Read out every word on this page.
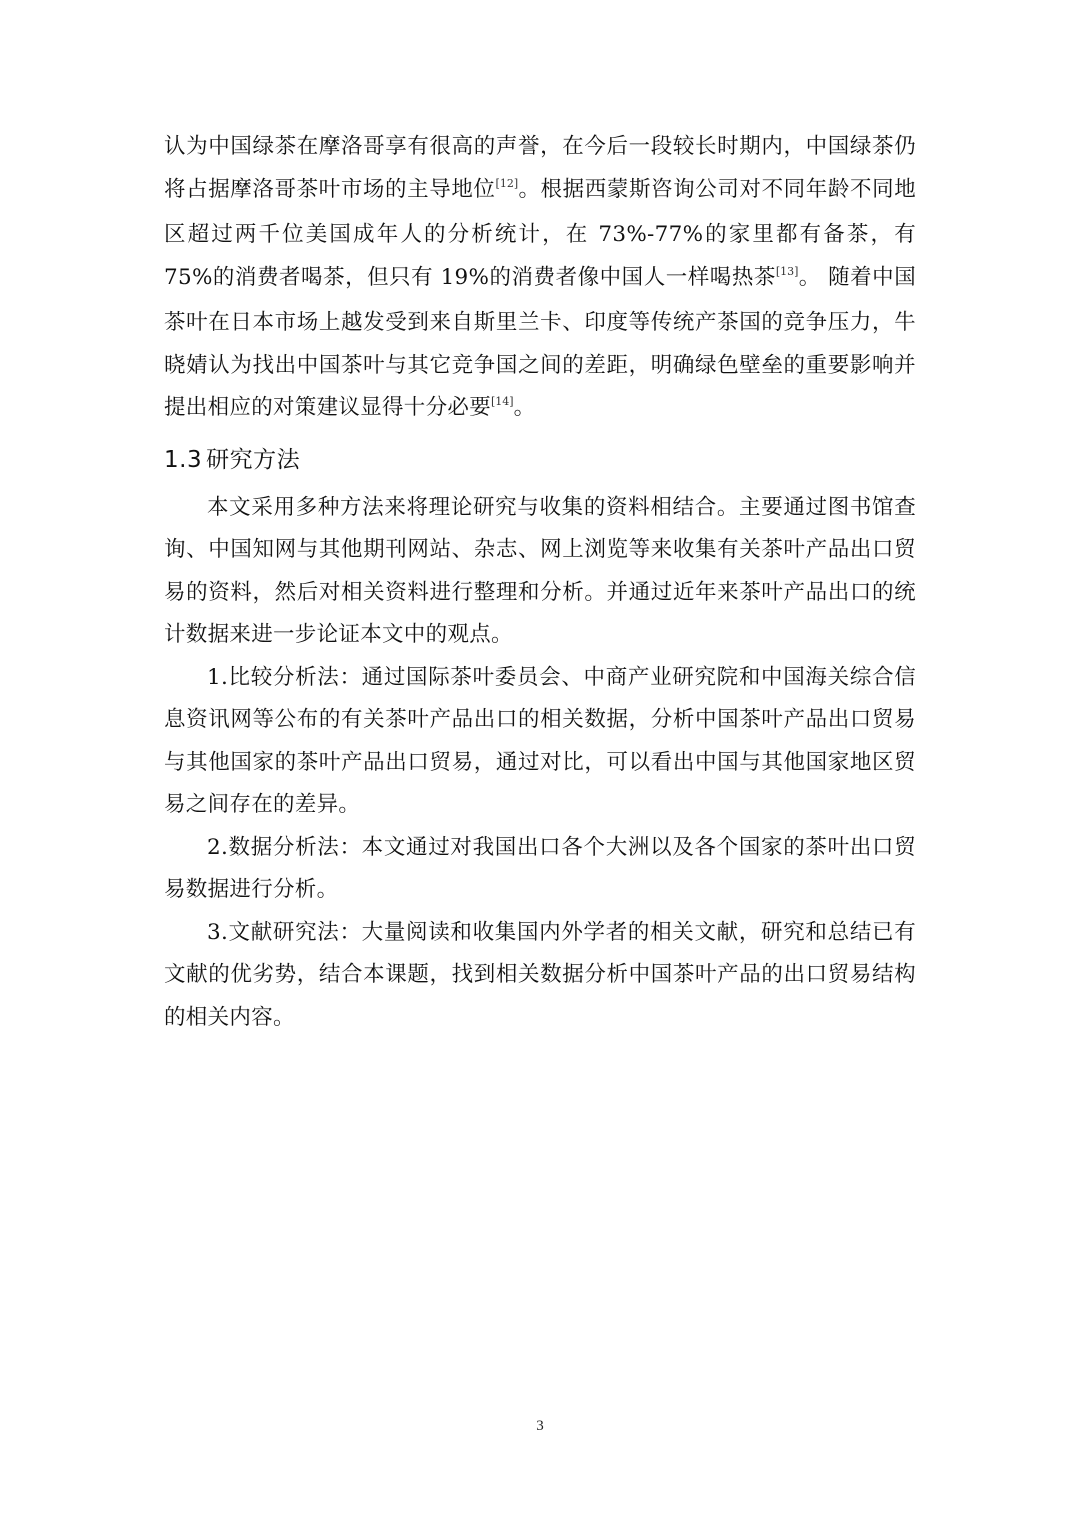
认为中国绿茶在摩洛哥享有很高的声誉，在今后一段较长时期内，中国绿茶仍将占据摩洛哥茶叶市场的主导地位[12]。根据西蒙斯咨询公司对不同年龄不同地区超过两千位美国成年人的分析统计，在 73%-77%的家里都有备茶，有 75%的消费者喝茶，但只有 19%的消费者像中国人一样喝热茶[13]。 随着中国茶叶在日本市场上越发受到来自斯里兰卡、印度等传统产茶国的竞争压力，牛晓婧认为找出中国茶叶与其它竞争国之间的差距，明确绿色壁垒的重要影响并提出相应的对策建议显得十分必要[14]。

1.3 研究方法

本文采用多种方法来将理论研究与收集的资料相结合。主要通过图书馆查询、中国知网与其他期刊网站、杂志、网上浏览等来收集有关茶叶产品出口贸易的资料，然后对相关资料进行整理和分析。并通过近年来茶叶产品出口的统计数据来进一步论证本文中的观点。

1.比较分析法：通过国际茶叶委员会、中商产业研究院和中国海关综合信息资讯网等公布的有关茶叶产品出口的相关数据，分析中国茶叶产品出口贸易与其他国家的茶叶产品出口贸易，通过对比，可以看出中国与其他国家地区贸易之间存在的差异。

2.数据分析法：本文通过对我国出口各个大洲以及各个国家的茶叶出口贸易数据进行分析。

3.文献研究法：大量阅读和收集国内外学者的相关文献，研究和总结已有文献的优劣势，结合本课题，找到相关数据分析中国茶叶产品的出口贸易结构的相关内容。

3
